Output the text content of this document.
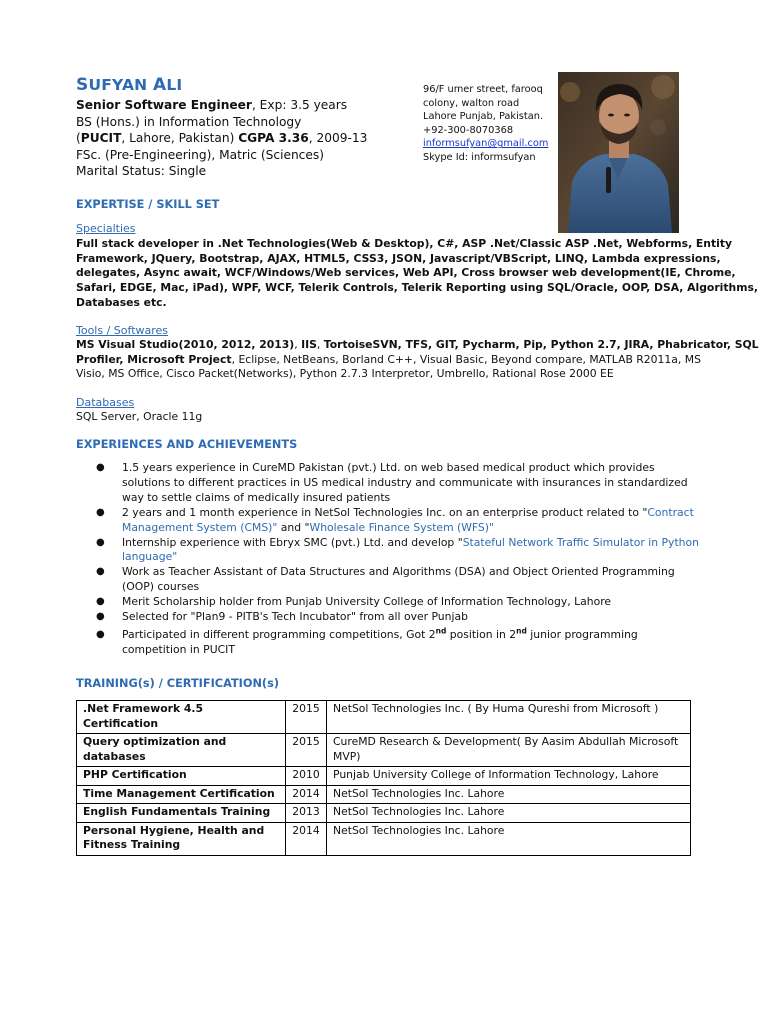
SUFYAN ALI
Senior Software Engineer, Exp: 3.5 years
BS (Hons.) in Information Technology
(PUCIT, Lahore, Pakistan) CGPA 3.36, 2009-13
FSc. (Pre-Engineering), Matric (Sciences)
Marital Status: Single
96/F umer street, farooq
colony, walton road
Lahore Punjab, Pakistan.
+92-300-8070368
informsufyan@gmail.com
Skype Id: informsufyan
EXPERTISE / SKILL SET
Specialties
Full stack developer in .Net Technologies(Web & Desktop), C#, ASP .Net/Classic ASP .Net, Webforms, Entity
Framework, JQuery, Bootstrap, AJAX, HTML5, CSS3, JSON, Javascript/VBScript, LINQ, Lambda expressions,
delegates, Async await, WCF/Windows/Web services, Web API, Cross browser web development(IE, Chrome,
Safari, EDGE, Mac, iPad), WPF, WCF, Telerik Controls, Telerik Reporting using SQL/Oracle, OOP, DSA, Algorithms,
Databases etc.
Tools / Softwares
MS Visual Studio(2010, 2012, 2013), IIS, TortoiseSVN, TFS, GIT, Pycharm, Pip, Python 2.7, JIRA, Phabricator, SQL
Profiler, Microsoft Project, Eclipse, NetBeans, Borland C++, Visual Basic, Beyond compare, MATLAB R2011a, MS
Visio, MS Office, Cisco Packet(Networks), Python 2.7.3 Interpretor, Umbrello, Rational Rose 2000 EE
Databases
SQL Server, Oracle 11g
EXPERIENCES AND ACHIEVEMENTS
● 1.5 years experience in CureMD Pakistan (pvt.) Ltd. on web based medical product which provides
solutions to different practices in US medical industry and communicate with insurances in standardized
way to settle claims of medically insured patients
● 2 years and 1 month experience in NetSol Technologies Inc. on an enterprise product related to "Contract
Management System (CMS)" and "Wholesale Finance System (WFS)"
● Internship experience with Ebryx SMC (pvt.) Ltd. and develop "Stateful Network Traffic Simulator in Python
language"
● Work as Teacher Assistant of Data Structures and Algorithms (DSA) and Object Oriented Programming
(OOP) courses
● Merit Scholarship holder from Punjab University College of Information Technology, Lahore
● Selected for "Plan9 - PITB's Tech Incubator" from all over Punjab
● Participated in different programming competitions, Got 2nd position in 2nd junior programming
competition in PUCIT
TRAINING(s) / CERTIFICATION(s)
.Net Framework 4.5 Certification	2015	NetSol Technologies Inc. ( By Huma Qureshi from Microsoft )
Query optimization and databases	2015	CureMD Research & Development( By Aasim Abdullah Microsoft MVP)
PHP Certification	2010	Punjab University College of Information Technology, Lahore
Time Management Certification	2014	NetSol Technologies Inc. Lahore
English Fundamentals Training	2013	NetSol Technologies Inc. Lahore
Personal Hygiene, Health and Fitness Training	2014	NetSol Technologies Inc. Lahore
